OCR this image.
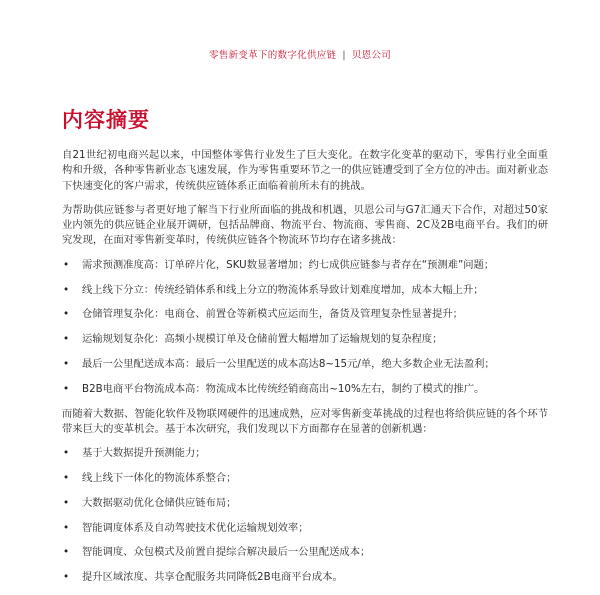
零售新变革下的数字化供应链 | 贝恩公司
内容摘要

自21世纪初电商兴起以来，中国整体零售行业发生了巨大变化。在数字化变革的驱动下，零售行业全面重构和升级，各种零售新业态飞速发展，作为零售重要环节之一的供应链遭受到了全方位的冲击。面对新业态下快速变化的客户需求，传统供应链体系正面临着前所未有的挑战。

为帮助供应链参与者更好地了解当下行业所面临的挑战和机遇，贝恩公司与G7汇通天下合作，对超过50家业内领先的供应链企业展开调研，包括品牌商、物流平台、物流商、零售商、2C及2B电商平台。我们的研究发现，在面对零售新变革时，传统供应链各个物流环节均存在诸多挑战：

• 需求预测准度高：订单碎片化，SKU数显著增加；约七成供应链参与者存在“预测难”问题；
• 线上线下分立：传统经销体系和线上分立的物流体系导致计划难度增加，成本大幅上升；
• 仓储管理复杂化：电商仓、前置仓等新模式应运而生，备货及管理复杂性显著提升；
• 运输规划复杂化：高频小规模订单及仓储前置大幅增加了运输规划的复杂程度；
• 最后一公里配送成本高：最后一公里配送的成本高达8~15元/单，绝大多数企业无法盈利；
• B2B电商平台物流成本高：物流成本比传统经销商高出~10%左右，制约了模式的推广。

而随着大数据、智能化软件及物联网硬件的迅速成熟，应对零售新变革挑战的过程也将给供应链的各个环节带来巨大的变革机会。基于本次研究，我们发现以下方面都存在显著的创新机遇：

• 基于大数据提升预测能力；
• 线上线下一体化的物流体系整合；
• 大数据驱动优化仓储供应链布局；
• 智能调度体系及自动驾驶技术优化运输规划效率；
• 智能调度、众包模式及前置自提综合解决最后一公里配送成本；
• 提升区域浓度、共享仓配服务共同降低2B电商平台成本。
